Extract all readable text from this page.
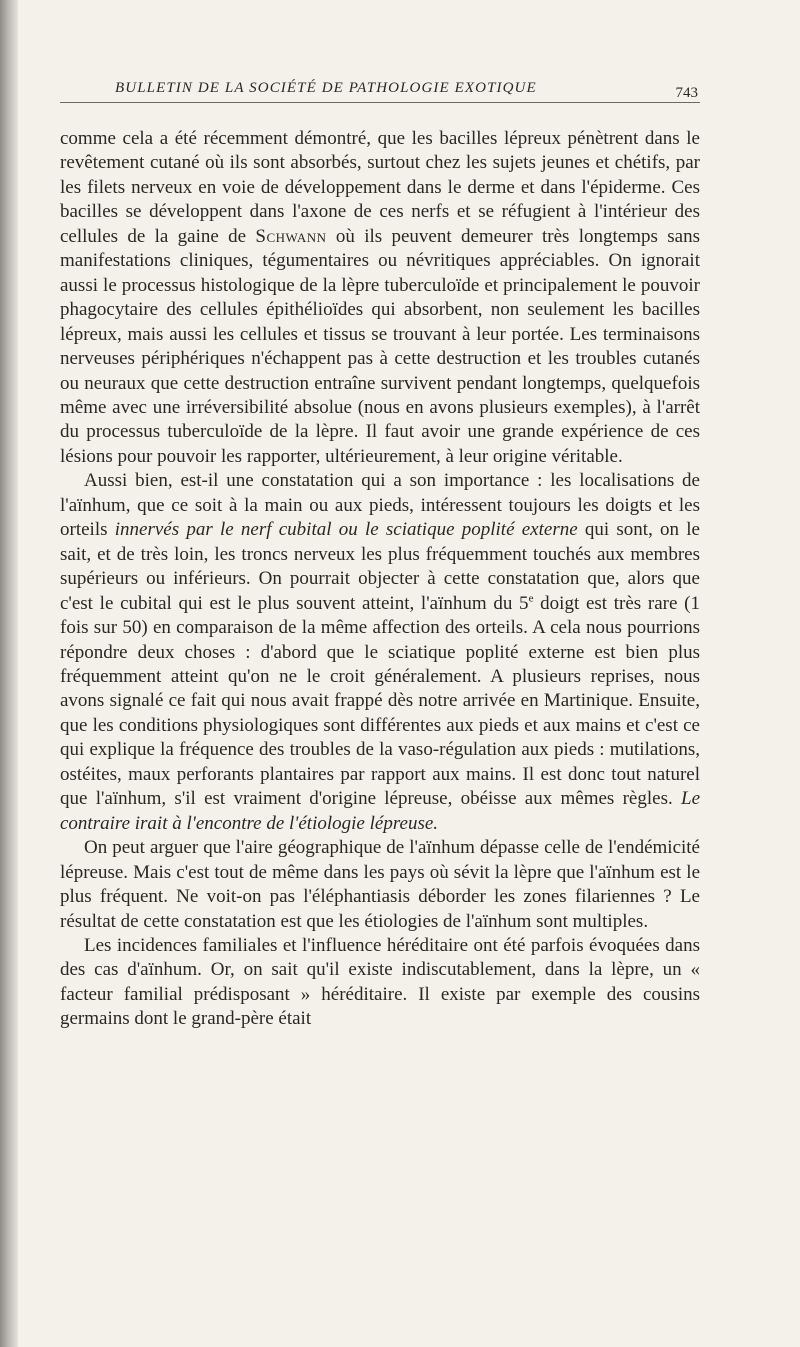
BULLETIN DE LA SOCIÉTÉ DE PATHOLOGIE EXOTIQUE	743

comme cela a été récemment démontré, que les bacilles lépreux pénètrent dans le revêtement cutané où ils sont absorbés, surtout chez les sujets jeunes et chétifs, par les filets nerveux en voie de développement dans le derme et dans l'épiderme. Ces bacilles se développent dans l'axone de ces nerfs et se réfugient à l'intérieur des cellules de la gaine de Schwann où ils peuvent demeurer très longtemps sans manifestations cliniques, tégumentaires ou névritiques appréciables. On ignorait aussi le processus histologique de la lèpre tuberculoïde et principalement le pouvoir phagocytaire des cellules épithélioïdes qui absorbent, non seulement les bacilles lépreux, mais aussi les cellules et tissus se trouvant à leur portée. Les terminaisons nerveuses périphériques n'échappent pas à cette destruction et les troubles cutanés ou neuraux que cette destruction entraîne survivent pendant longtemps, quelquefois même avec une irréversibilité absolue (nous en avons plusieurs exemples), à l'arrêt du processus tuberculoïde de la lèpre. Il faut avoir une grande expérience de ces lésions pour pouvoir les rapporter, ultérieurement, à leur origine véritable.

Aussi bien, est-il une constatation qui a son importance : les localisations de l'aïnhum, que ce soit à la main ou aux pieds, intéressent toujours les doigts et les orteils innervés par le nerf cubital ou le sciatique poplité externe qui sont, on le sait, et de très loin, les troncs nerveux les plus fréquemment touchés aux membres supérieurs ou inférieurs. On pourrait objecter à cette constatation que, alors que c'est le cubital qui est le plus souvent atteint, l'aïnhum du 5e doigt est très rare (1 fois sur 50) en comparaison de la même affection des orteils. A cela nous pourrions répondre deux choses : d'abord que le sciatique poplité externe est bien plus fréquemment atteint qu'on ne le croit généralement. A plusieurs reprises, nous avons signalé ce fait qui nous avait frappé dès notre arrivée en Martinique. Ensuite, que les conditions physiologiques sont différentes aux pieds et aux mains et c'est ce qui explique la fréquence des troubles de la vaso-régulation aux pieds : mutilations, ostéites, maux perforants plantaires par rapport aux mains. Il est donc tout naturel que l'aïnhum, s'il est vraiment d'origine lépreuse, obéisse aux mêmes règles. Le contraire irait à l'encontre de l'étiologie lépreuse.

On peut arguer que l'aire géographique de l'aïnhum dépasse celle de l'endémicité lépreuse. Mais c'est tout de même dans les pays où sévit la lèpre que l'aïnhum est le plus fréquent. Ne voit-on pas l'éléphantiasis déborder les zones filariennes ? Le résultat de cette constatation est que les étiologies de l'aïnhum sont multiples.

Les incidences familiales et l'influence héréditaire ont été parfois évoquées dans des cas d'aïnhum. Or, on sait qu'il existe indiscutablement, dans la lèpre, un « facteur familial prédisposant » héréditaire. Il existe par exemple des cousins germains dont le grand-père était
